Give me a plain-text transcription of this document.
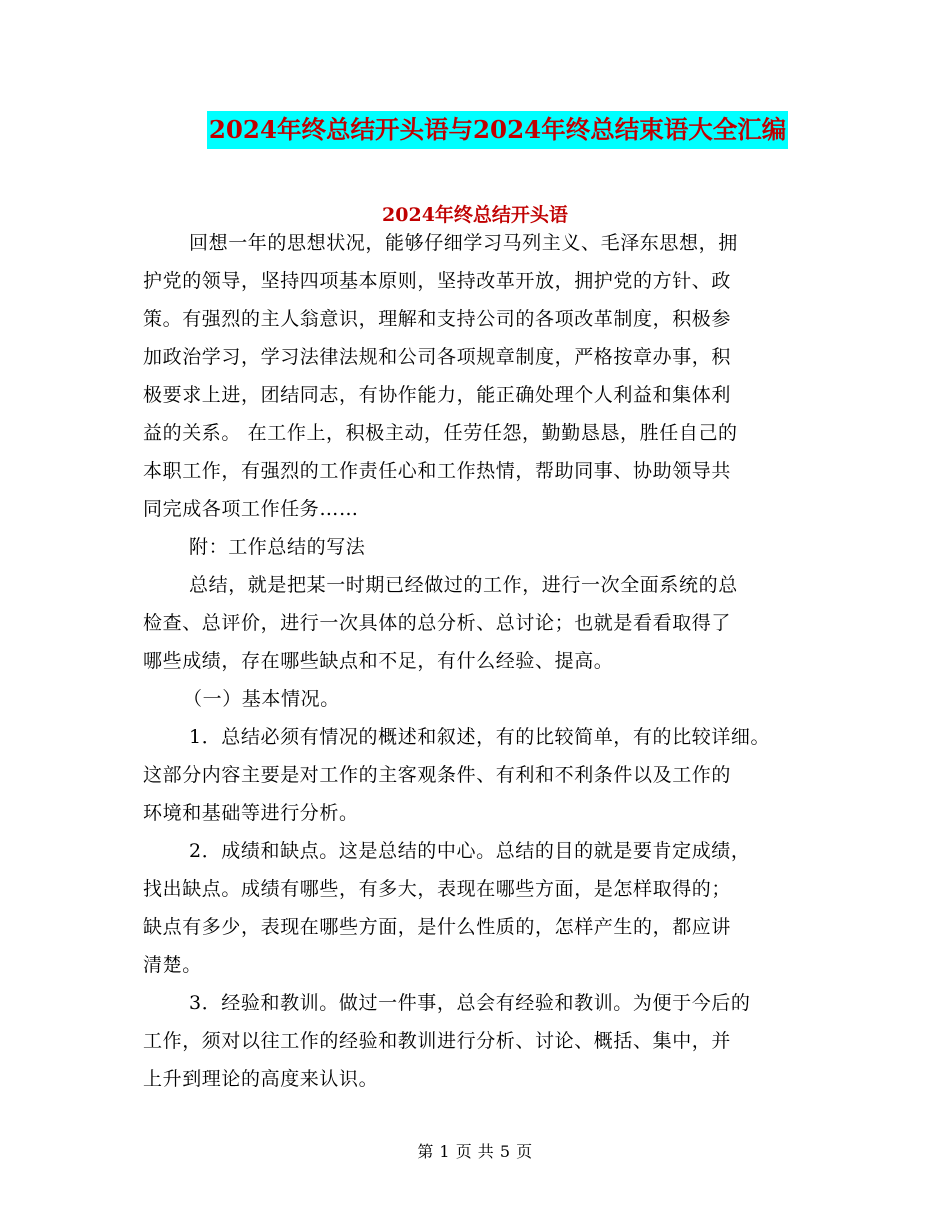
2024年终总结开头语与2024年终总结束语大全汇编
2024年终总结开头语

回想一年的思想状况，能够仔细学习马列主义、毛泽东思想，拥

护党的领导，坚持四项基本原则，坚持改革开放，拥护党的方针、政

策。有强烈的主人翁意识，理解和支持公司的各项改革制度，积极参

加政治学习，学习法律法规和公司各项规章制度，严格按章办事，积

极要求上进，团结同志，有协作能力，能正确处理个人利益和集体利

益的关系。 在工作上，积极主动，任劳任怨，勤勤恳恳，胜任自己的

本职工作，有强烈的工作责任心和工作热情，帮助同事、协助领导共

同完成各项工作任务……

附：工作总结的写法

总结，就是把某一时期已经做过的工作，进行一次全面系统的总

检查、总评价，进行一次具体的总分析、总讨论；也就是看看取得了

哪些成绩，存在哪些缺点和不足，有什么经验、提高。

（一）基本情况。

1．总结必须有情况的概述和叙述，有的比较简单，有的比较详细。

这部分内容主要是对工作的主客观条件、有利和不利条件以及工作的

环境和基础等进行分析。

2．成绩和缺点。这是总结的中心。总结的目的就是要肯定成绩，

找出缺点。成绩有哪些，有多大，表现在哪些方面，是怎样取得的；

缺点有多少，表现在哪些方面，是什么性质的，怎样产生的，都应讲

清楚。

3．经验和教训。做过一件事，总会有经验和教训。为便于今后的

工作，须对以往工作的经验和教训进行分析、讨论、概括、集中，并

上升到理论的高度来认识。

第 1 页 共 5 页
